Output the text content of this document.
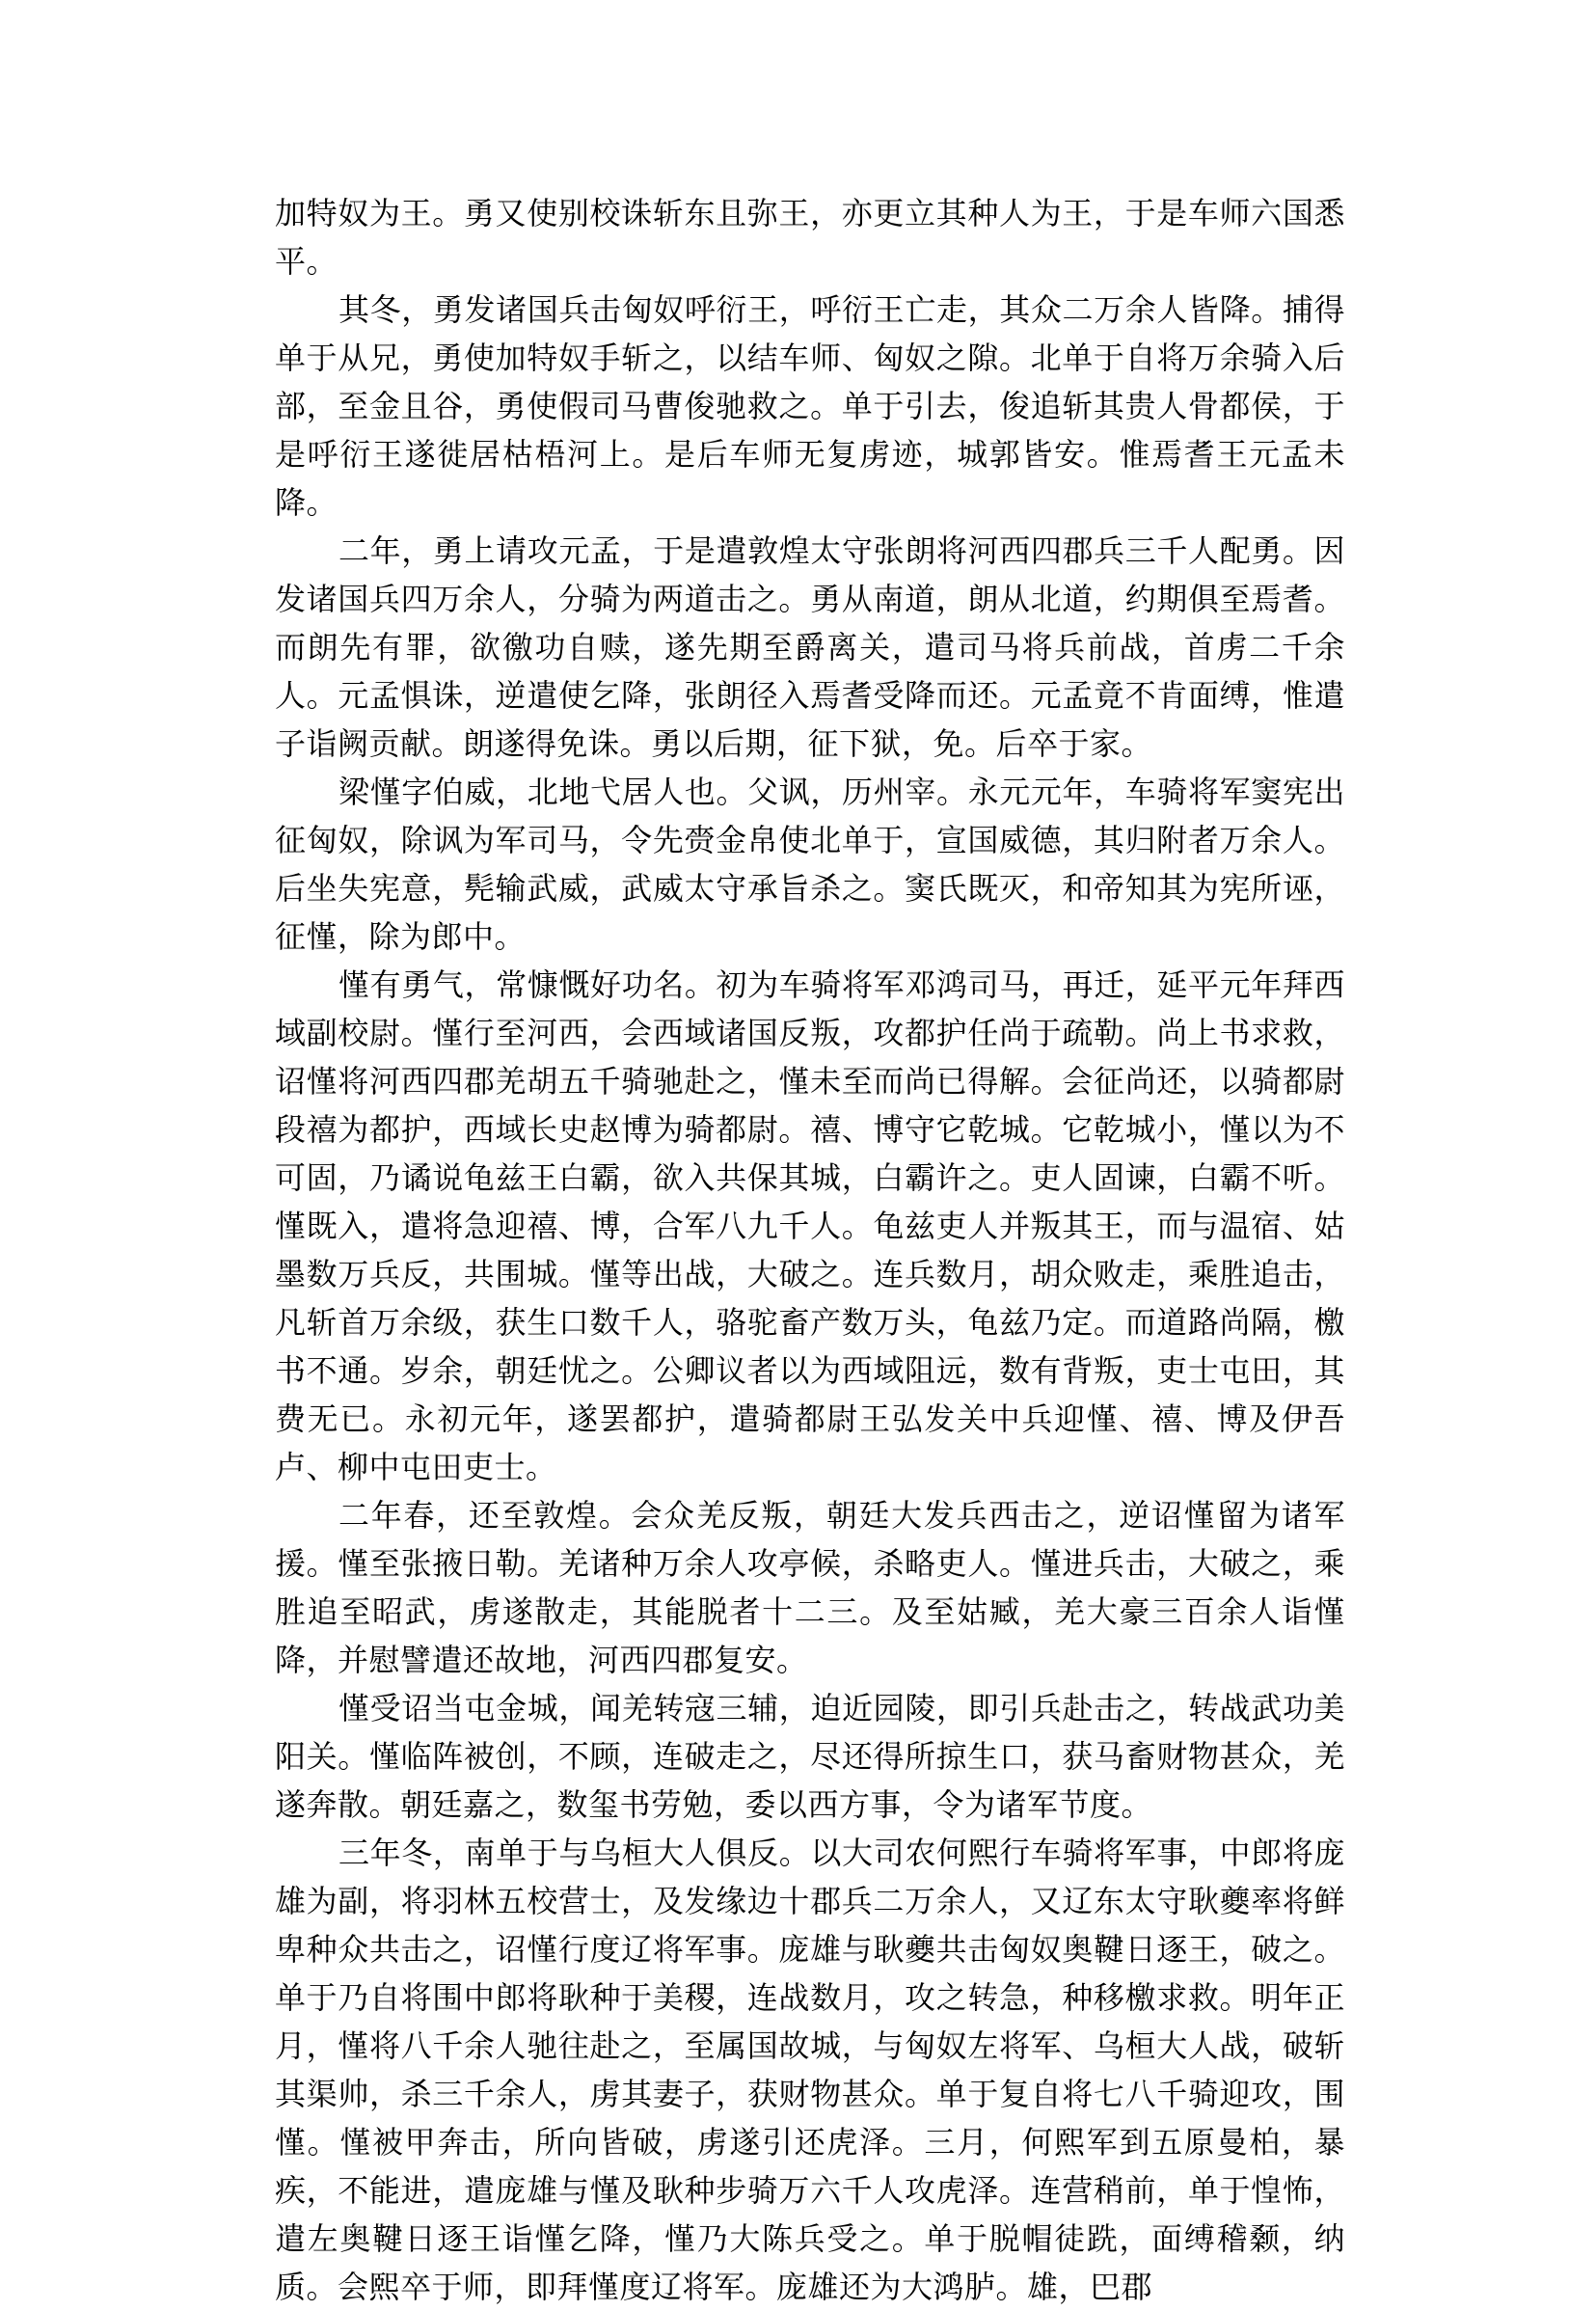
加特奴为王。勇又使别校诛斩东且弥王，亦更立其种人为王，于是车师六国悉平。

其冬，勇发诸国兵击匈奴呼衍王，呼衍王亡走，其众二万余人皆降。捕得单于从兄，勇使加特奴手斩之，以结车师、匈奴之隙。北单于自将万余骑入后部，至金且谷，勇使假司马曹俊驰救之。单于引去，俊追斩其贵人骨都侯，于是呼衍王遂徙居枯梧河上。是后车师无复虏迹，城郭皆安。惟焉耆王元孟未降。

二年，勇上请攻元孟，于是遣敦煌太守张朗将河西四郡兵三千人配勇。因发诸国兵四万余人，分骑为两道击之。勇从南道，朗从北道，约期俱至焉耆。而朗先有罪，欲徼功自赎，遂先期至爵离关，遣司马将兵前战，首虏二千余人。元孟惧诛，逆遣使乞降，张朗径入焉耆受降而还。元孟竟不肯面缚，惟遣子诣阙贡献。朗遂得免诛。勇以后期，征下狱，免。后卒于家。

梁慬字伯威，北地弋居人也。父讽，历州宰。永元元年，车骑将军窦宪出征匈奴，除讽为军司马，令先赍金帛使北单于，宣国威德，其归附者万余人。后坐失宪意，髡输武威，武威太守承旨杀之。窦氏既灭，和帝知其为宪所诬，征慬，除为郎中。

慬有勇气，常慷慨好功名。初为车骑将军邓鸿司马，再迁，延平元年拜西域副校尉。慬行至河西，会西域诸国反叛，攻都护任尚于疏勒。尚上书求救，诏慬将河西四郡羌胡五千骑驰赴之，慬未至而尚已得解。会征尚还，以骑都尉段禧为都护，西域长史赵博为骑都尉。禧、博守它乾城。它乾城小，慬以为不可固，乃谲说龟兹王白霸，欲入共保其城，白霸许之。吏人固谏，白霸不听。慬既入，遣将急迎禧、博，合军八九千人。龟兹吏人并叛其王，而与温宿、姑墨数万兵反，共围城。慬等出战，大破之。连兵数月，胡众败走，乘胜追击，凡斩首万余级，获生口数千人，骆驼畜产数万头，龟兹乃定。而道路尚隔，檄书不通。岁余，朝廷忧之。公卿议者以为西域阻远，数有背叛，吏士屯田，其费无已。永初元年，遂罢都护，遣骑都尉王弘发关中兵迎慬、禧、博及伊吾卢、柳中屯田吏士。

二年春，还至敦煌。会众羌反叛，朝廷大发兵西击之，逆诏慬留为诸军援。慬至张掖日勒。羌诸种万余人攻亭候，杀略吏人。慬进兵击，大破之，乘胜追至昭武，虏遂散走，其能脱者十二三。及至姑臧，羌大豪三百余人诣慬降，并慰譬遣还故地，河西四郡复安。

慬受诏当屯金城，闻羌转寇三辅，迫近园陵，即引兵赴击之，转战武功美阳关。慬临阵被创，不顾，连破走之，尽还得所掠生口，获马畜财物甚众，羌遂奔散。朝廷嘉之，数玺书劳勉，委以西方事，令为诸军节度。

三年冬，南单于与乌桓大人俱反。以大司农何熙行车骑将军事，中郎将庞雄为副，将羽林五校营士，及发缘边十郡兵二万余人，又辽东太守耿夔率将鲜卑种众共击之，诏慬行度辽将军事。庞雄与耿夔共击匈奴奥鞬日逐王，破之。单于乃自将围中郎将耿种于美稷，连战数月，攻之转急，种移檄求救。明年正月，慬将八千余人驰往赴之，至属国故城，与匈奴左将军、乌桓大人战，破斩其渠帅，杀三千余人，虏其妻子，获财物甚众。单于复自将七八千骑迎攻，围慬。慬被甲奔击，所向皆破，虏遂引还虎泽。三月，何熙军到五原曼柏，暴疾，不能进，遣庞雄与慬及耿种步骑万六千人攻虎泽。连营稍前，单于惶怖，遣左奥鞬日逐王诣慬乞降，慬乃大陈兵受之。单于脱帽徒跣，面缚稽颡，纳质。会熙卒于师，即拜慬度辽将军。庞雄还为大鸿胪。雄，巴郡
